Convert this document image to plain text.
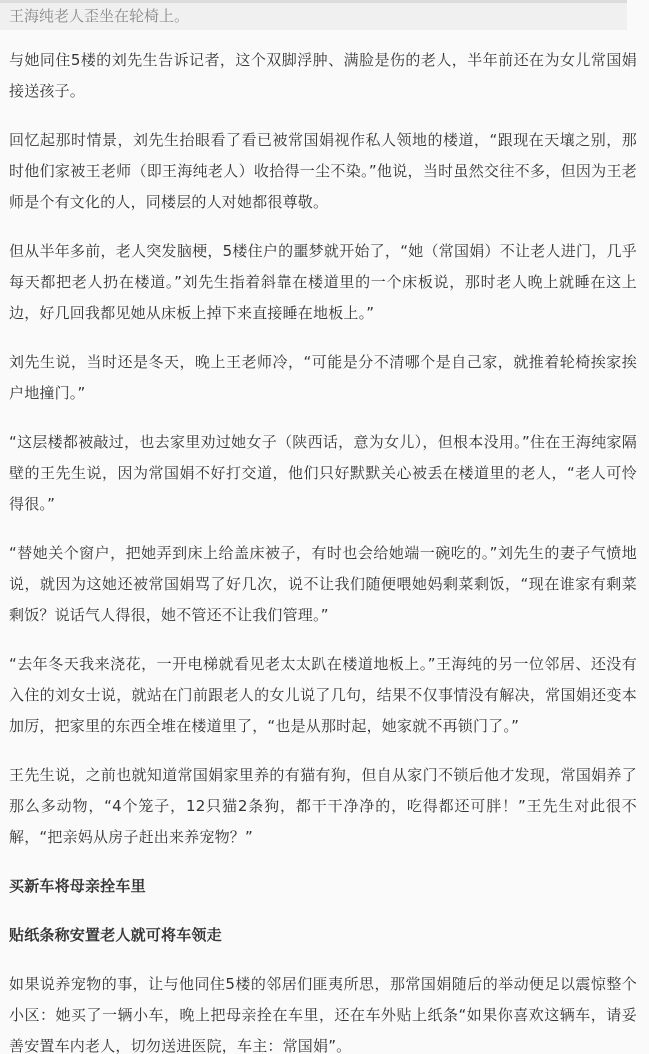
王海纯老人歪坐在轮椅上。

与她同住5楼的刘先生告诉记者，这个双脚浮肿、满脸是伤的老人，半年前还在为女儿常国娟接送孩子。

回忆起那时情景，刘先生抬眼看了看已被常国娟视作私人领地的楼道，“跟现在天壤之别，那时他们家被王老师（即王海纯老人）收拾得一尘不染。”他说，当时虽然交往不多，但因为王老师是个有文化的人，同楼层的人对她都很尊敬。

但从半年多前，老人突发脑梗，5楼住户的噩梦就开始了，“她（常国娟）不让老人进门，几乎每天都把老人扔在楼道。”刘先生指着斜靠在楼道里的一个床板说，那时老人晚上就睡在这上边，好几回我都见她从床板上掉下来直接睡在地板上。”

刘先生说，当时还是冬天，晚上王老师冷，“可能是分不清哪个是自己家，就推着轮椅挨家挨户地撞门。”

“这层楼都被敲过，也去家里劝过她女子（陕西话，意为女儿），但根本没用。”住在王海纯家隔壁的王先生说，因为常国娟不好打交道，他们只好默默关心被丢在楼道里的老人，“老人可怜得很。”

“替她关个窗户，把她弄到床上给盖床被子，有时也会给她端一碗吃的。”刘先生的妻子气愤地说，就因为这她还被常国娟骂了好几次，说不让我们随便喂她妈剩菜剩饭，“现在谁家有剩菜剩饭？说话气人得很，她不管还不让我们管理。”

“去年冬天我来浇花，一开电梯就看见老太太趴在楼道地板上。”王海纯的另一位邻居、还没有入住的刘女士说，就站在门前跟老人的女儿说了几句，结果不仅事情没有解决，常国娟还变本加厉，把家里的东西全堆在楼道里了，“也是从那时起，她家就不再锁门了。”

王先生说，之前也就知道常国娟家里养的有猫有狗，但自从家门不锁后他才发现，常国娟养了那么多动物，“4个笼子，12只猫2条狗，都干干净净的，吃得都还可胖！”王先生对此很不解，“把亲妈从房子赶出来养宠物？”

买新车将母亲拴车里

贴纸条称安置老人就可将车领走

如果说养宠物的事，让与他同住5楼的邻居们匪夷所思，那常国娟随后的举动便足以震惊整个小区：她买了一辆小车，晚上把母亲拴在车里，还在车外贴上纸条“如果你喜欢这辆车，请妥善安置车内老人，切勿送进医院，车主：常国娟”。
